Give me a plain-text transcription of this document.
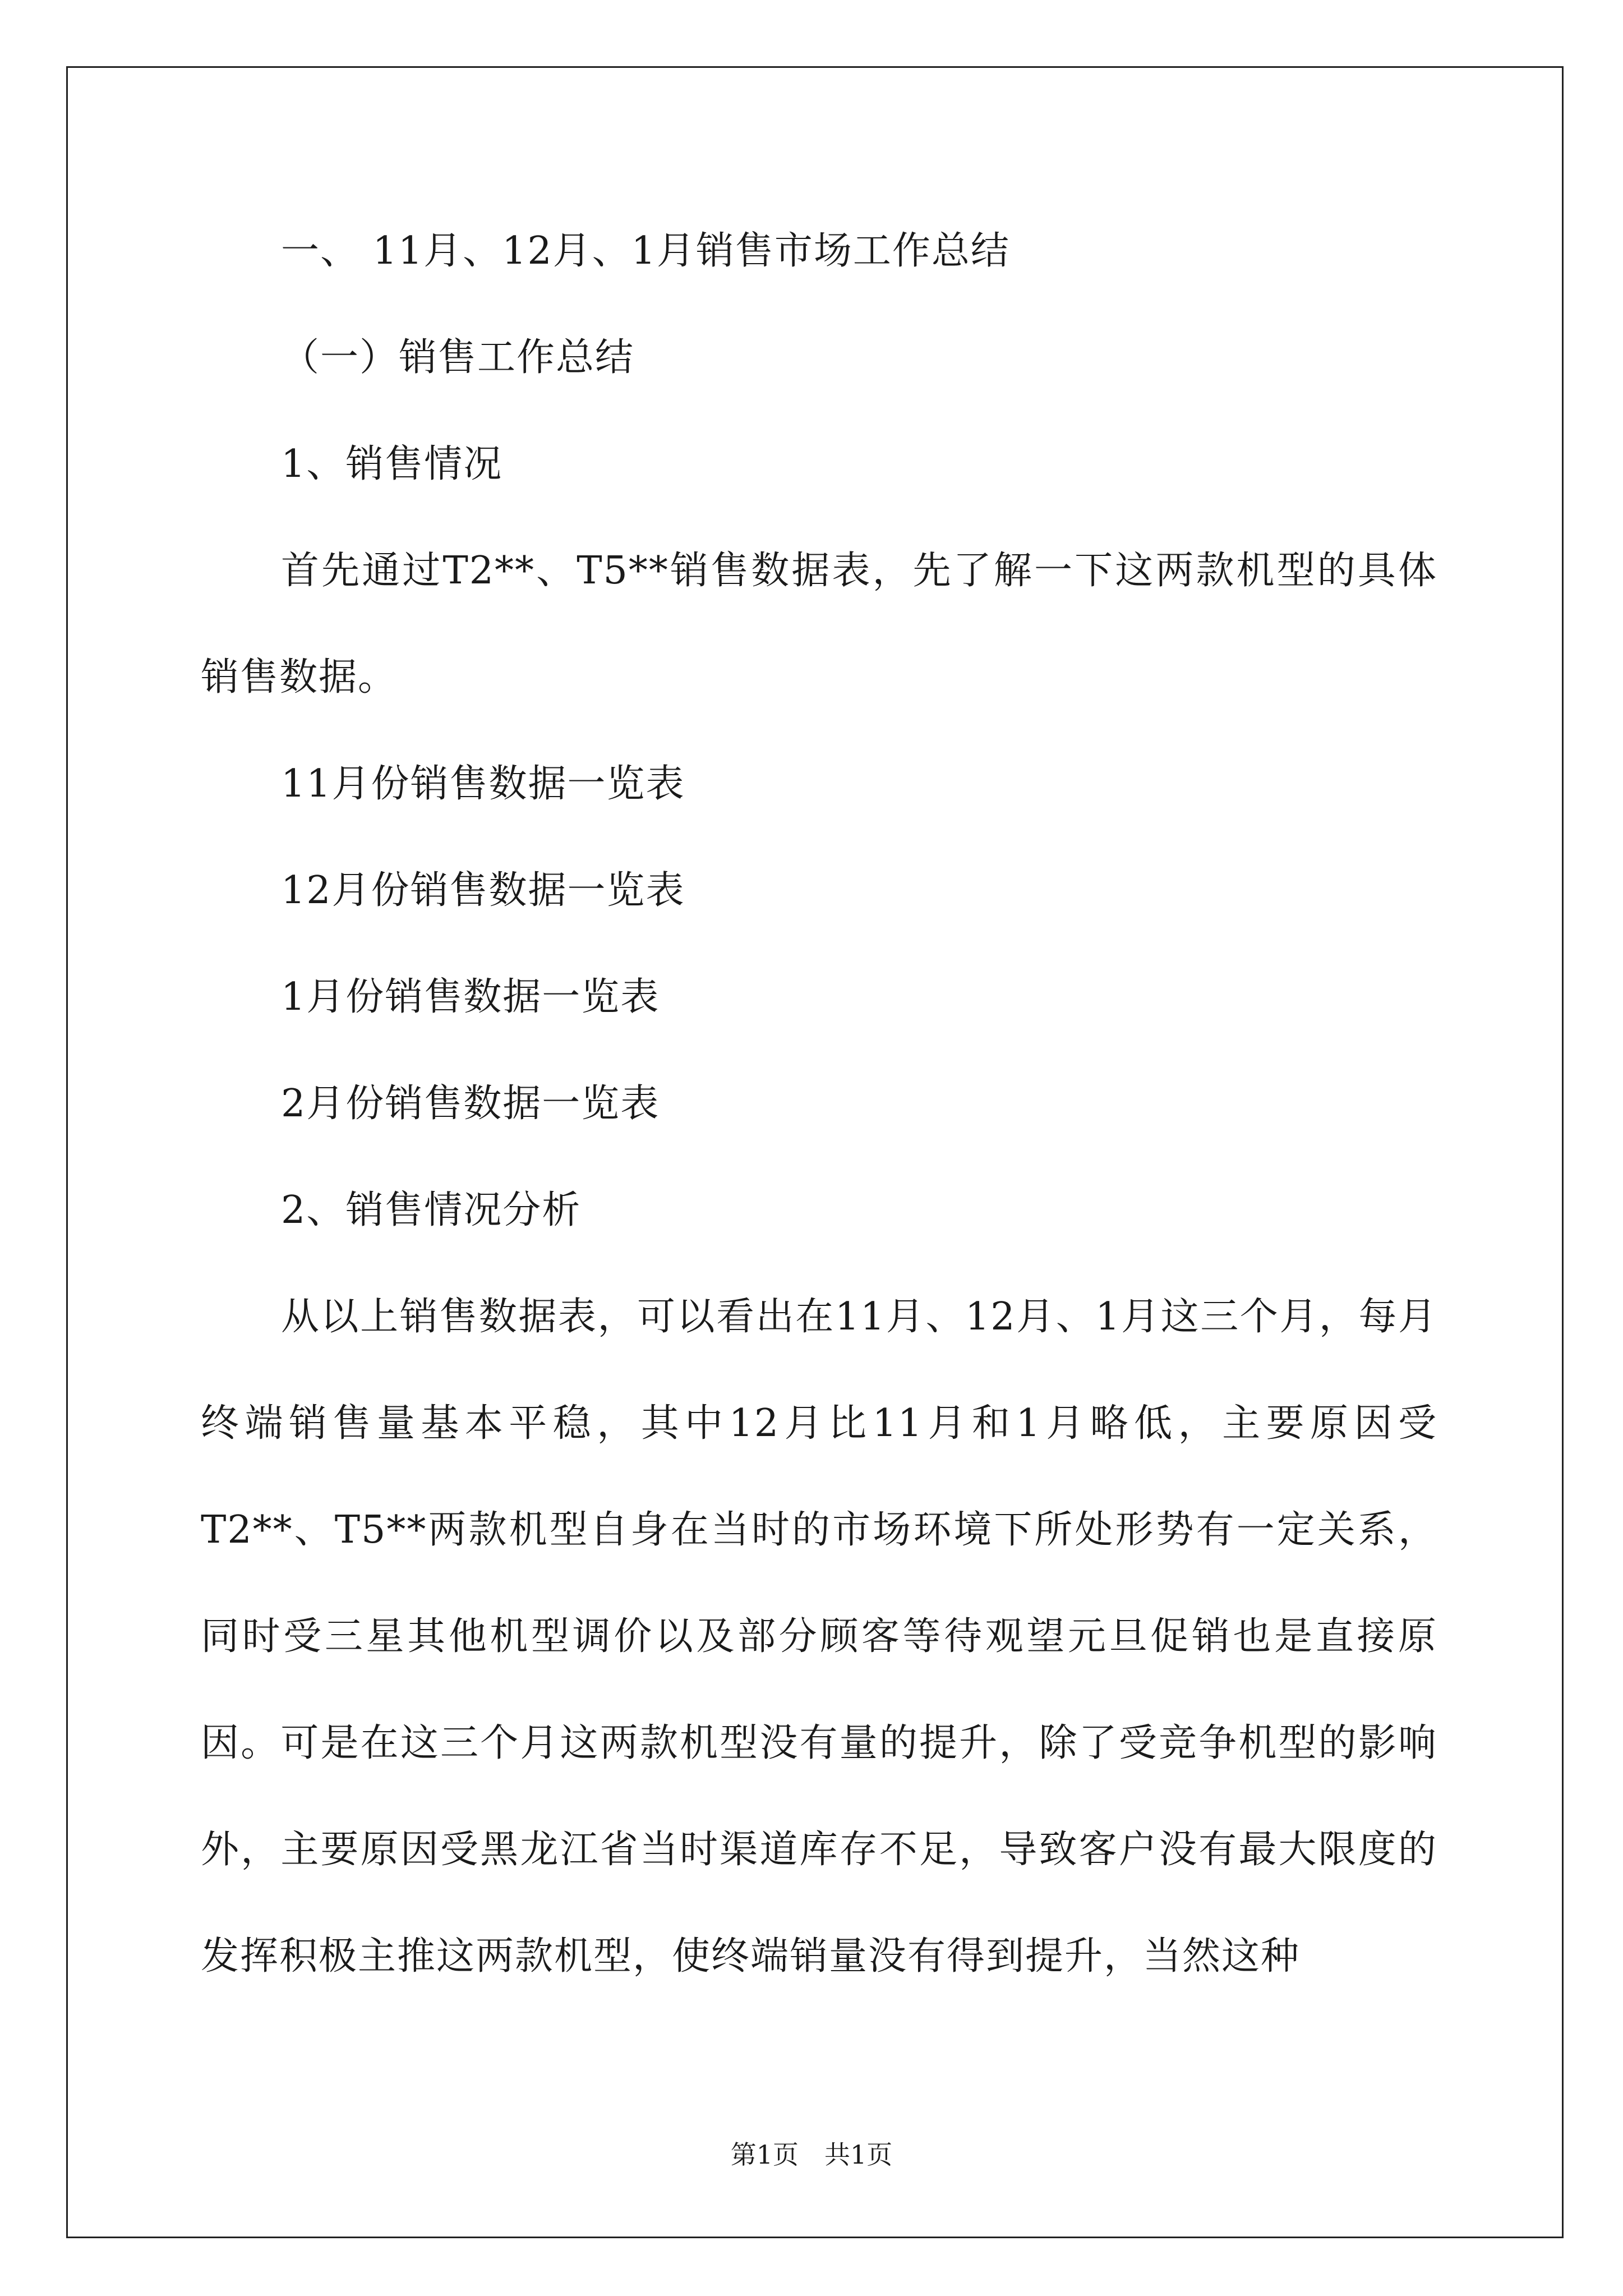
一、 11月、12月、1月销售市场工作总结
（一）销售工作总结
1、销售情况
首先通过T2**、T5**销售数据表，先了解一下这两款机型的具体销售数据。
11月份销售数据一览表
12月份销售数据一览表
1月份销售数据一览表
2月份销售数据一览表
2、销售情况分析
从以上销售数据表，可以看出在11月、12月、1月这三个月，每月终端销售量基本平稳，其中12月比11月和1月略低，主要原因受T2**、T5**两款机型自身在当时的市场环境下所处形势有一定关系，同时受三星其他机型调价以及部分顾客等待观望元旦促销也是直接原因。可是在这三个月这两款机型没有量的提升，除了受竞争机型的影响外，主要原因受黑龙江省当时渠道库存不足，导致客户没有最大限度的发挥积极主推这两款机型，使终端销量没有得到提升，当然这种
第1页　共1页
